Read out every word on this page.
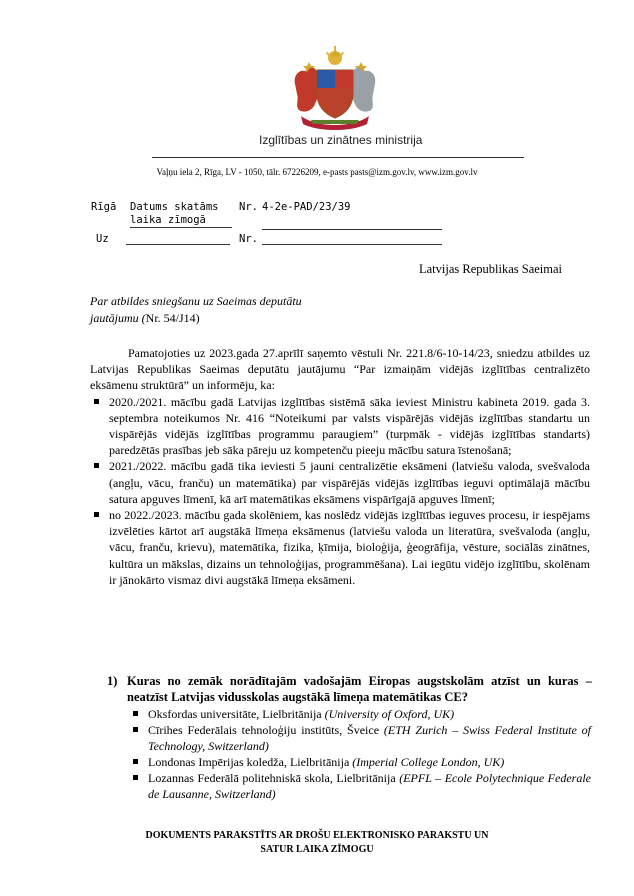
Izglītības un zinātnes ministrija
Vaļņu iela 2, Rīga, LV - 1050, tālr. 67226209, e-pasts pasts@izm.gov.lv, www.izm.gov.lv
Rīgā Datums skatāms
laika zīmogā
Nr. 4-2e-PAD/23/39
Uz	Nr.
Latvijas Republikas Saeimai
Par atbildes sniegšanu uz Saeimas deputātu
jautājumu (Nr. 54/J14)

Pamatojoties uz 2023.gada 27.aprīlī saņemto vēstuli Nr. 221.8/6-10-14/23, sniedzu atbildes uz Latvijas Republikas Saeimas deputātu jautājumu “Par izmaiņām vidējās izglītības centralizēto eksāmenu struktūrā” un informēju, ka:

2020./2021. mācību gadā Latvijas izglītības sistēmā sāka ieviest Ministru kabineta 2019. gada 3. septembra noteikumos Nr. 416 “Noteikumi par valsts vispārējās vidējās izglītības standartu un vispārējās vidējās izglītības programmu paraugiem” (turpmāk - vidējās izglītības standarts) paredzētās prasības jeb sāka pāreju uz kompetenču pieeju mācību satura īstenošanā;
2021./2022. mācību gadā tika ieviesti 5 jauni centralizētie eksāmeni (latviešu valoda, svešvaloda (angļu, vācu, franču) un matemātika) par vispārējās vidējās izglītības ieguvi optimālajā mācību satura apguves līmenī, kā arī matemātikas eksāmens vispārīgajā apguves līmenī;
no 2022./2023. mācību gada skolēniem, kas noslēdz vidējās izglītības ieguves procesu, ir iespējams izvēlēties kārtot arī augstākā līmeņa eksāmenus (latviešu valoda un literatūra, svešvaloda (angļu, vācu, franču, krievu), matemātika, fizika, ķīmija, bioloģija, ģeogrāfija, vēsture, sociālās zinātnes, kultūra un mākslas, dizains un tehnoloģijas, programmēšana). Lai iegūtu vidējo izglītību, skolēnam ir jānokārto vismaz divi augstākā līmeņa eksāmeni.
1) Kuras no zemāk norādītajām vadošajām Eiropas augstskolām atzīst un kuras – neatzīst Latvijas vidusskolas augstākā līmeņa matemātikas CE?
Oksfordas universitāte, Lielbritānija (University of Oxford, UK)
Cīrihes Federālais tehnoloģiju institūts, Šveice (ETH Zurich – Swiss Federal Institute of Technology, Switzerland)
Londonas Impērijas koledža, Lielbritānija (Imperial College London, UK)
Lozannas Federālā politehniskā skola, Lielbritānija (EPFL – Ecole Polytechnique Federale de Lausanne, Switzerland)
DOKUMENTS PARAKSTĪTS AR DROŠU ELEKTRONISKO PARAKSTU UN
SATUR LAIKA ZĪMOGU
